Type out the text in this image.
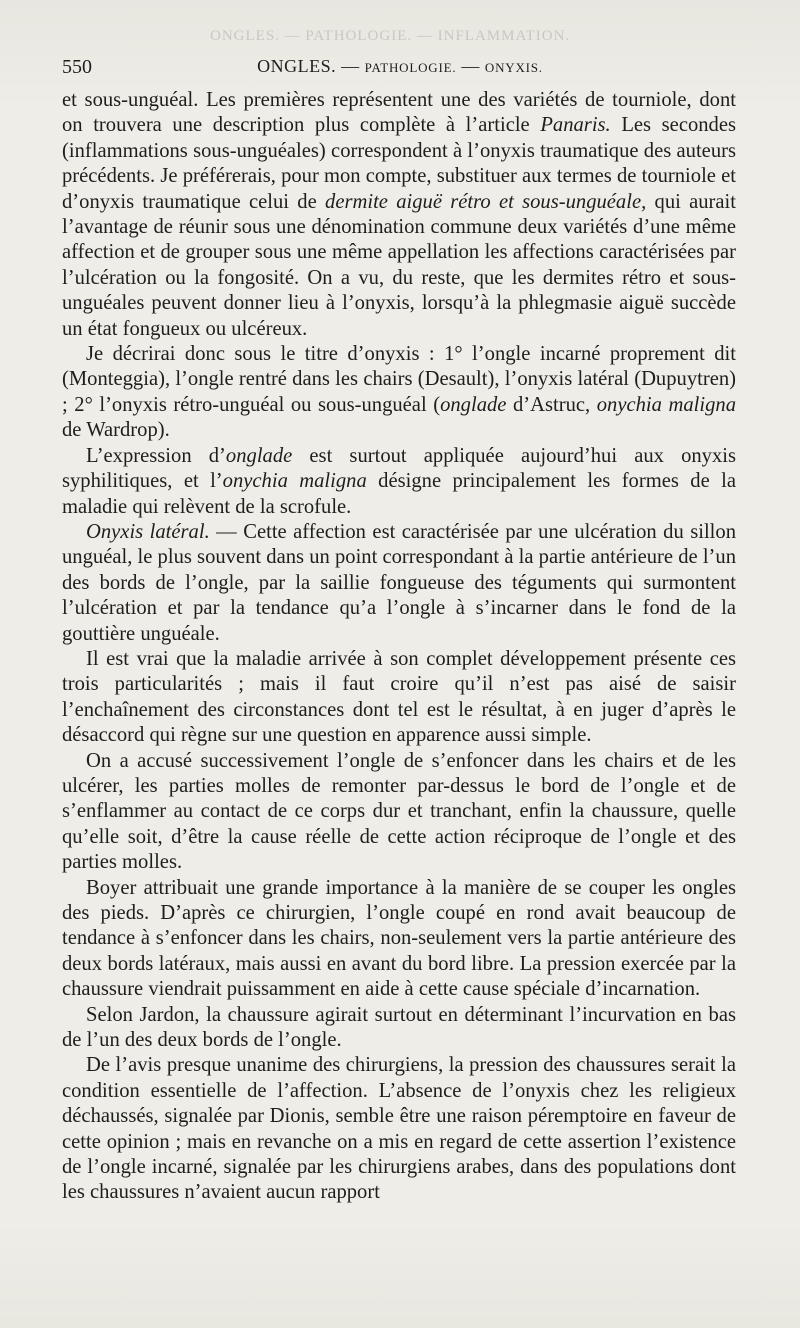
ONGLES. — PATHOLOGIE. — INFLAMMATION.
550	ONGLES. — PATHOLOGIE. — ONYXIS.

et sous-unguéal. Les premières représentent une des variétés de tourniole, dont on trouvera une description plus complète à l’article Panaris. Les secondes (inflammations sous-unguéales) correspondent à l’onyxis traumatique des auteurs précédents. Je préférerais, pour mon compte, substituer aux termes de tourniole et d’onyxis traumatique celui de dermite aiguë rétro et sous-unguéale, qui aurait l’avantage de réunir sous une dénomination commune deux variétés d’une même affection et de grouper sous une même appellation les affections caractérisées par l’ulcération ou la fongosité. On a vu, du reste, que les dermites rétro et sous-unguéales peuvent donner lieu à l’onyxis, lorsqu’à la phlegmasie aiguë succède un état fongueux ou ulcéreux.

Je décrirai donc sous le titre d’onyxis : 1° l’ongle incarné proprement dit (Monteggia), l’ongle rentré dans les chairs (Desault), l’onyxis latéral (Dupuytren) ; 2° l’onyxis rétro-unguéal ou sous-unguéal (onglade d’Astruc, onychia maligna de Wardrop).

L’expression d’onglade est surtout appliquée aujourd’hui aux onyxis syphilitiques, et l’onychia maligna désigne principalement les formes de la maladie qui relèvent de la scrofule.

Onyxis latéral. — Cette affection est caractérisée par une ulcération du sillon unguéal, le plus souvent dans un point correspondant à la partie antérieure de l’un des bords de l’ongle, par la saillie fongueuse des téguments qui surmontent l’ulcération et par la tendance qu’a l’ongle à s’incarner dans le fond de la gouttière unguéale.

Il est vrai que la maladie arrivée à son complet développement présente ces trois particularités ; mais il faut croire qu’il n’est pas aisé de saisir l’enchaînement des circonstances dont tel est le résultat, à en juger d’après le désaccord qui règne sur une question en apparence aussi simple.

On a accusé successivement l’ongle de s’enfoncer dans les chairs et de les ulcérer, les parties molles de remonter par-dessus le bord de l’ongle et de s’enflammer au contact de ce corps dur et tranchant, enfin la chaussure, quelle qu’elle soit, d’être la cause réelle de cette action réciproque de l’ongle et des parties molles.

Boyer attribuait une grande importance à la manière de se couper les ongles des pieds. D’après ce chirurgien, l’ongle coupé en rond avait beaucoup de tendance à s’enfoncer dans les chairs, non-seulement vers la partie antérieure des deux bords latéraux, mais aussi en avant du bord libre. La pression exercée par la chaussure viendrait puissamment en aide à cette cause spéciale d’incarnation.

Selon Jardon, la chaussure agirait surtout en déterminant l’incurvation en bas de l’un des deux bords de l’ongle.

De l’avis presque unanime des chirurgiens, la pression des chaussures serait la condition essentielle de l’affection. L’absence de l’onyxis chez les religieux déchaussés, signalée par Dionis, semble être une raison péremptoire en faveur de cette opinion ; mais en revanche on a mis en regard de cette assertion l’existence de l’ongle incarné, signalée par les chirurgiens arabes, dans des populations dont les chaussures n’avaient aucun rapport
